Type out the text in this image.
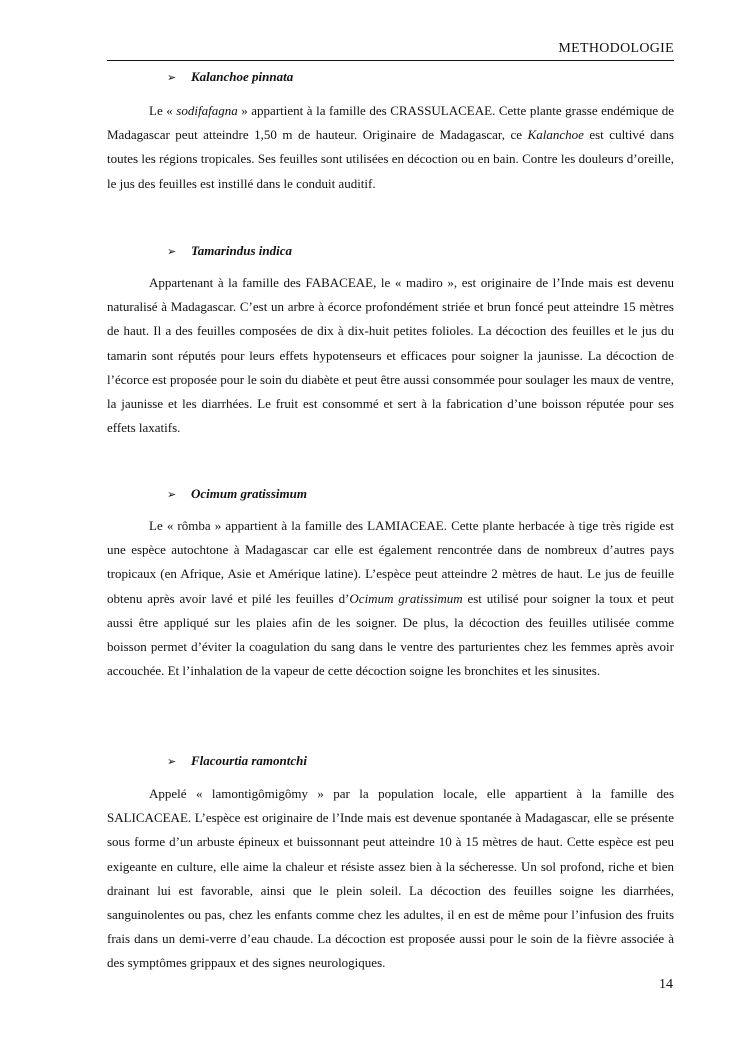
METHODOLOGIE
➢ Kalanchoe pinnata

Le « sodifafagna » appartient à la famille des CRASSULACEAE. Cette plante grasse endémique de Madagascar peut atteindre 1,50 m de hauteur. Originaire de Madagascar, ce Kalanchoe est cultivé dans toutes les régions tropicales. Ses feuilles sont utilisées en décoction ou en bain. Contre les douleurs d’oreille, le jus des feuilles est instillé dans le conduit auditif.

➢ Tamarindus indica

Appartenant à la famille des FABACEAE, le « madiro », est originaire de l’Inde mais est devenu naturalisé à Madagascar. C’est un arbre à écorce profondément striée et brun foncé peut atteindre 15 mètres de haut. Il a des feuilles composées de dix à dix-huit petites folioles. La décoction des feuilles et le jus du tamarin sont réputés pour leurs effets hypotenseurs et efficaces pour soigner la jaunisse. La décoction de l’écorce est proposée pour le soin du diabète et peut être aussi consommée pour soulager les maux de ventre, la jaunisse et les diarrhées. Le fruit est consommé et sert à la fabrication d’une boisson réputée pour ses effets laxatifs.

➢ Ocimum gratissimum

Le « rômba » appartient à la famille des LAMIACEAE. Cette plante herbacée à tige très rigide est une espèce autochtone à Madagascar car elle est également rencontrée dans de nombreux d’autres pays tropicaux (en Afrique, Asie et Amérique latine). L’espèce peut atteindre 2 mètres de haut. Le jus de feuille obtenu après avoir lavé et pilé les feuilles d’Ocimum gratissimum est utilisé pour soigner la toux et peut aussi être appliqué sur les plaies afin de les soigner. De plus, la décoction des feuilles utilisée comme boisson permet d’éviter la coagulation du sang dans le ventre des parturientes chez les femmes après avoir accouchée. Et l’inhalation de la vapeur de cette décoction soigne les bronchites et les sinusites.

➢ Flacourtia ramontchi

Appelé « lamontigômigômy » par la population locale, elle appartient à la famille des SALICACEAE. L’espèce est originaire de l’Inde mais est devenue spontanée à Madagascar, elle se présente sous forme d’un arbuste épineux et buissonnant peut atteindre 10 à 15 mètres de haut. Cette espèce est peu exigeante en culture, elle aime la chaleur et résiste assez bien à la sécheresse. Un sol profond, riche et bien drainant lui est favorable, ainsi que le plein soleil. La décoction des feuilles soigne les diarrhées, sanguinolentes ou pas, chez les enfants comme chez les adultes, il en est de même pour l’infusion des fruits frais dans un demi-verre d’eau chaude. La décoction est proposée aussi pour le soin de la fièvre associée à des symptômes grippaux et des signes neurologiques.

14
